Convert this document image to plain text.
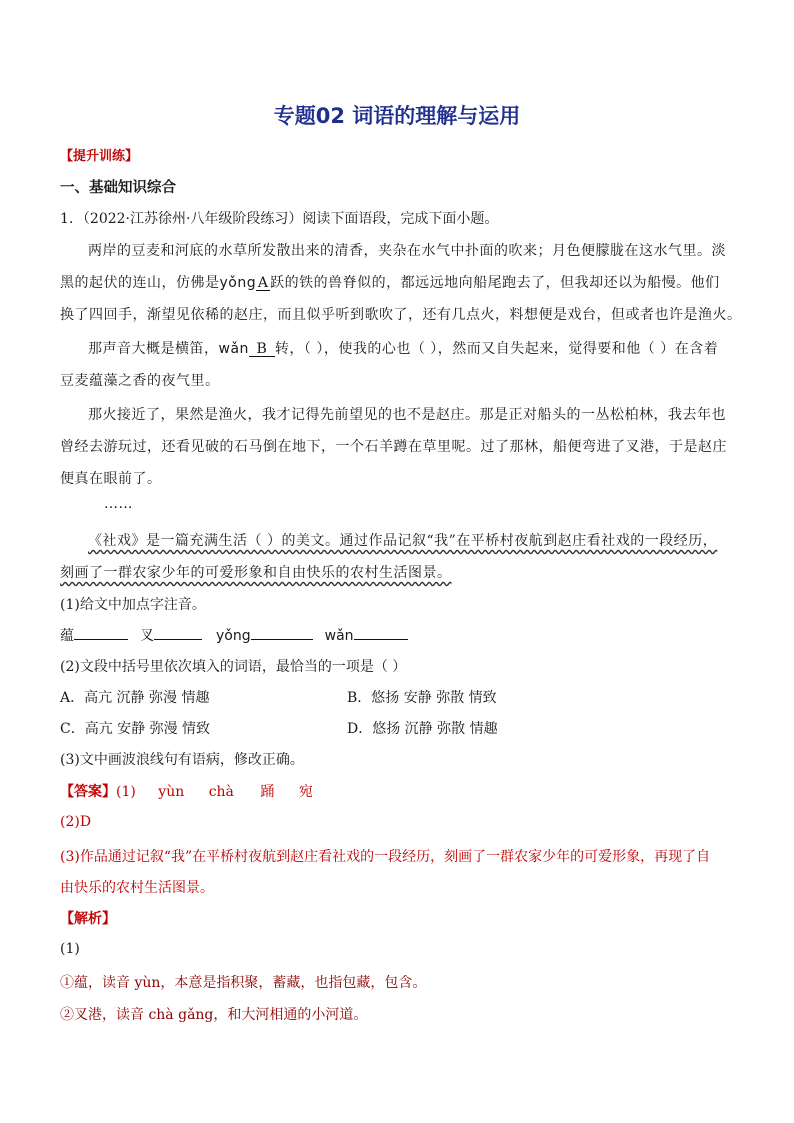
专题02 词语的理解与运用
【提升训练】
一、基础知识综合
1．（2022·江苏徐州·八年级阶段练习）阅读下面语段，完成下面小题。
两岸的豆麦和河底的水草所发散出来的清香，夹杂在水气中扑面的吹来；月色便朦胧在这水气里。淡
黑的起伏的连山，仿佛是yǒng A 跃的铁的兽脊似的，都远远地向船尾跑去了，但我却还以为船慢。他们
换了四回手，渐望见依稀的赵庄，而且似乎听到歌吹了，还有几点火，料想便是戏台，但或者也许是渔火。
那声音大概是横笛，wǎn B 转，（ ），使我的心也（ ），然而又自失起来，觉得要和他（ ）在含着
豆麦蕴藻之香的夜气里。
那火接近了，果然是渔火，我才记得先前望见的也不是赵庄。那是正对船头的一丛松柏林，我去年也
曾经去游玩过，还看见破的石马倒在地下，一个石羊蹲在草里呢。过了那林，船便弯进了叉港，于是赵庄
便真在眼前了。
……
《社戏》是一篇充满生活（ ）的美文。通过作品记叙“我”在平桥村夜航到赵庄看社戏的一段经历，
刻画了一群农家少年的可爱形象和自由快乐的农村生活图景。
(1)给文中加点字注音。
蕴	叉	yǒng	wǎn
(2)文段中括号里依次填入的词语，最恰当的一项是（ ）
A．高亢 沉静 弥漫 情趣	B．悠扬 安静 弥散 情致
C．高亢 安静 弥漫 情致	D．悠扬 沉静 弥散 情趣
(3)文中画波浪线句有语病，修改正确。
【答案】(1) yùn chà 踊 宛
(2)D
(3)作品通过记叙“我”在平桥村夜航到赵庄看社戏的一段经历，刻画了一群农家少年的可爱形象，再现了自
由快乐的农村生活图景。
【解析】
(1)
①蕴，读音 yùn，本意是指积聚，蓄藏，也指包藏，包含。
②叉港，读音 chà gǎng，和大河相通的小河道。
